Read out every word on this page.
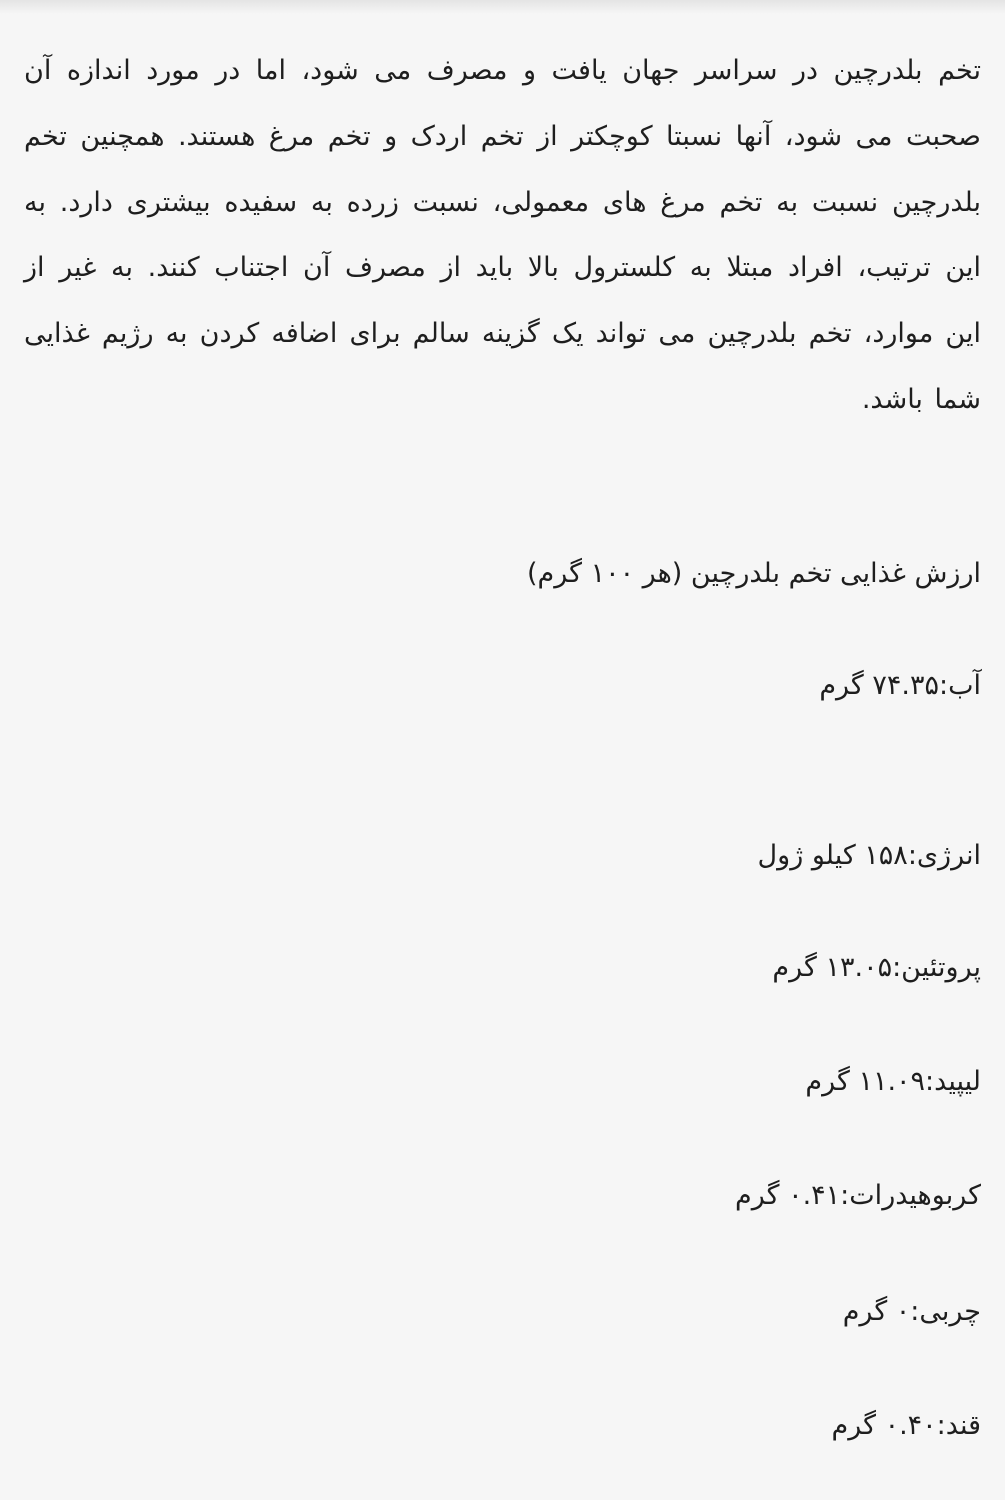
تخم بلدرچین در سراسر جهان یافت و مصرف می شود، اما در مورد اندازه آن صحبت می شود، آنها نسبتا کوچکتر از تخم اردک و تخم مرغ هستند. همچنین تخم بلدرچین نسبت به تخم مرغ های معمولی، نسبت زرده به سفیده بیشتری دارد. به این ترتیب، افراد مبتلا به کلسترول بالا باید از مصرف آن اجتناب کنند. به غیر از این موارد، تخم بلدرچین می تواند یک گزینه سالم برای اضافه کردن به رژیم غذایی شما باشد.

ارزش غذایی تخم بلدرچین (هر ۱۰۰ گرم)
آب:۷۴.۳۵ گرم
انرژی:۱۵۸ کیلو ژول
پروتئین:۱۳.۰۵ گرم
لیپید:۱۱.۰۹ گرم
کربوهیدرات:۰.۴۱ گرم
چربی:۰ گرم
قند:۰.۴۰ گرم
